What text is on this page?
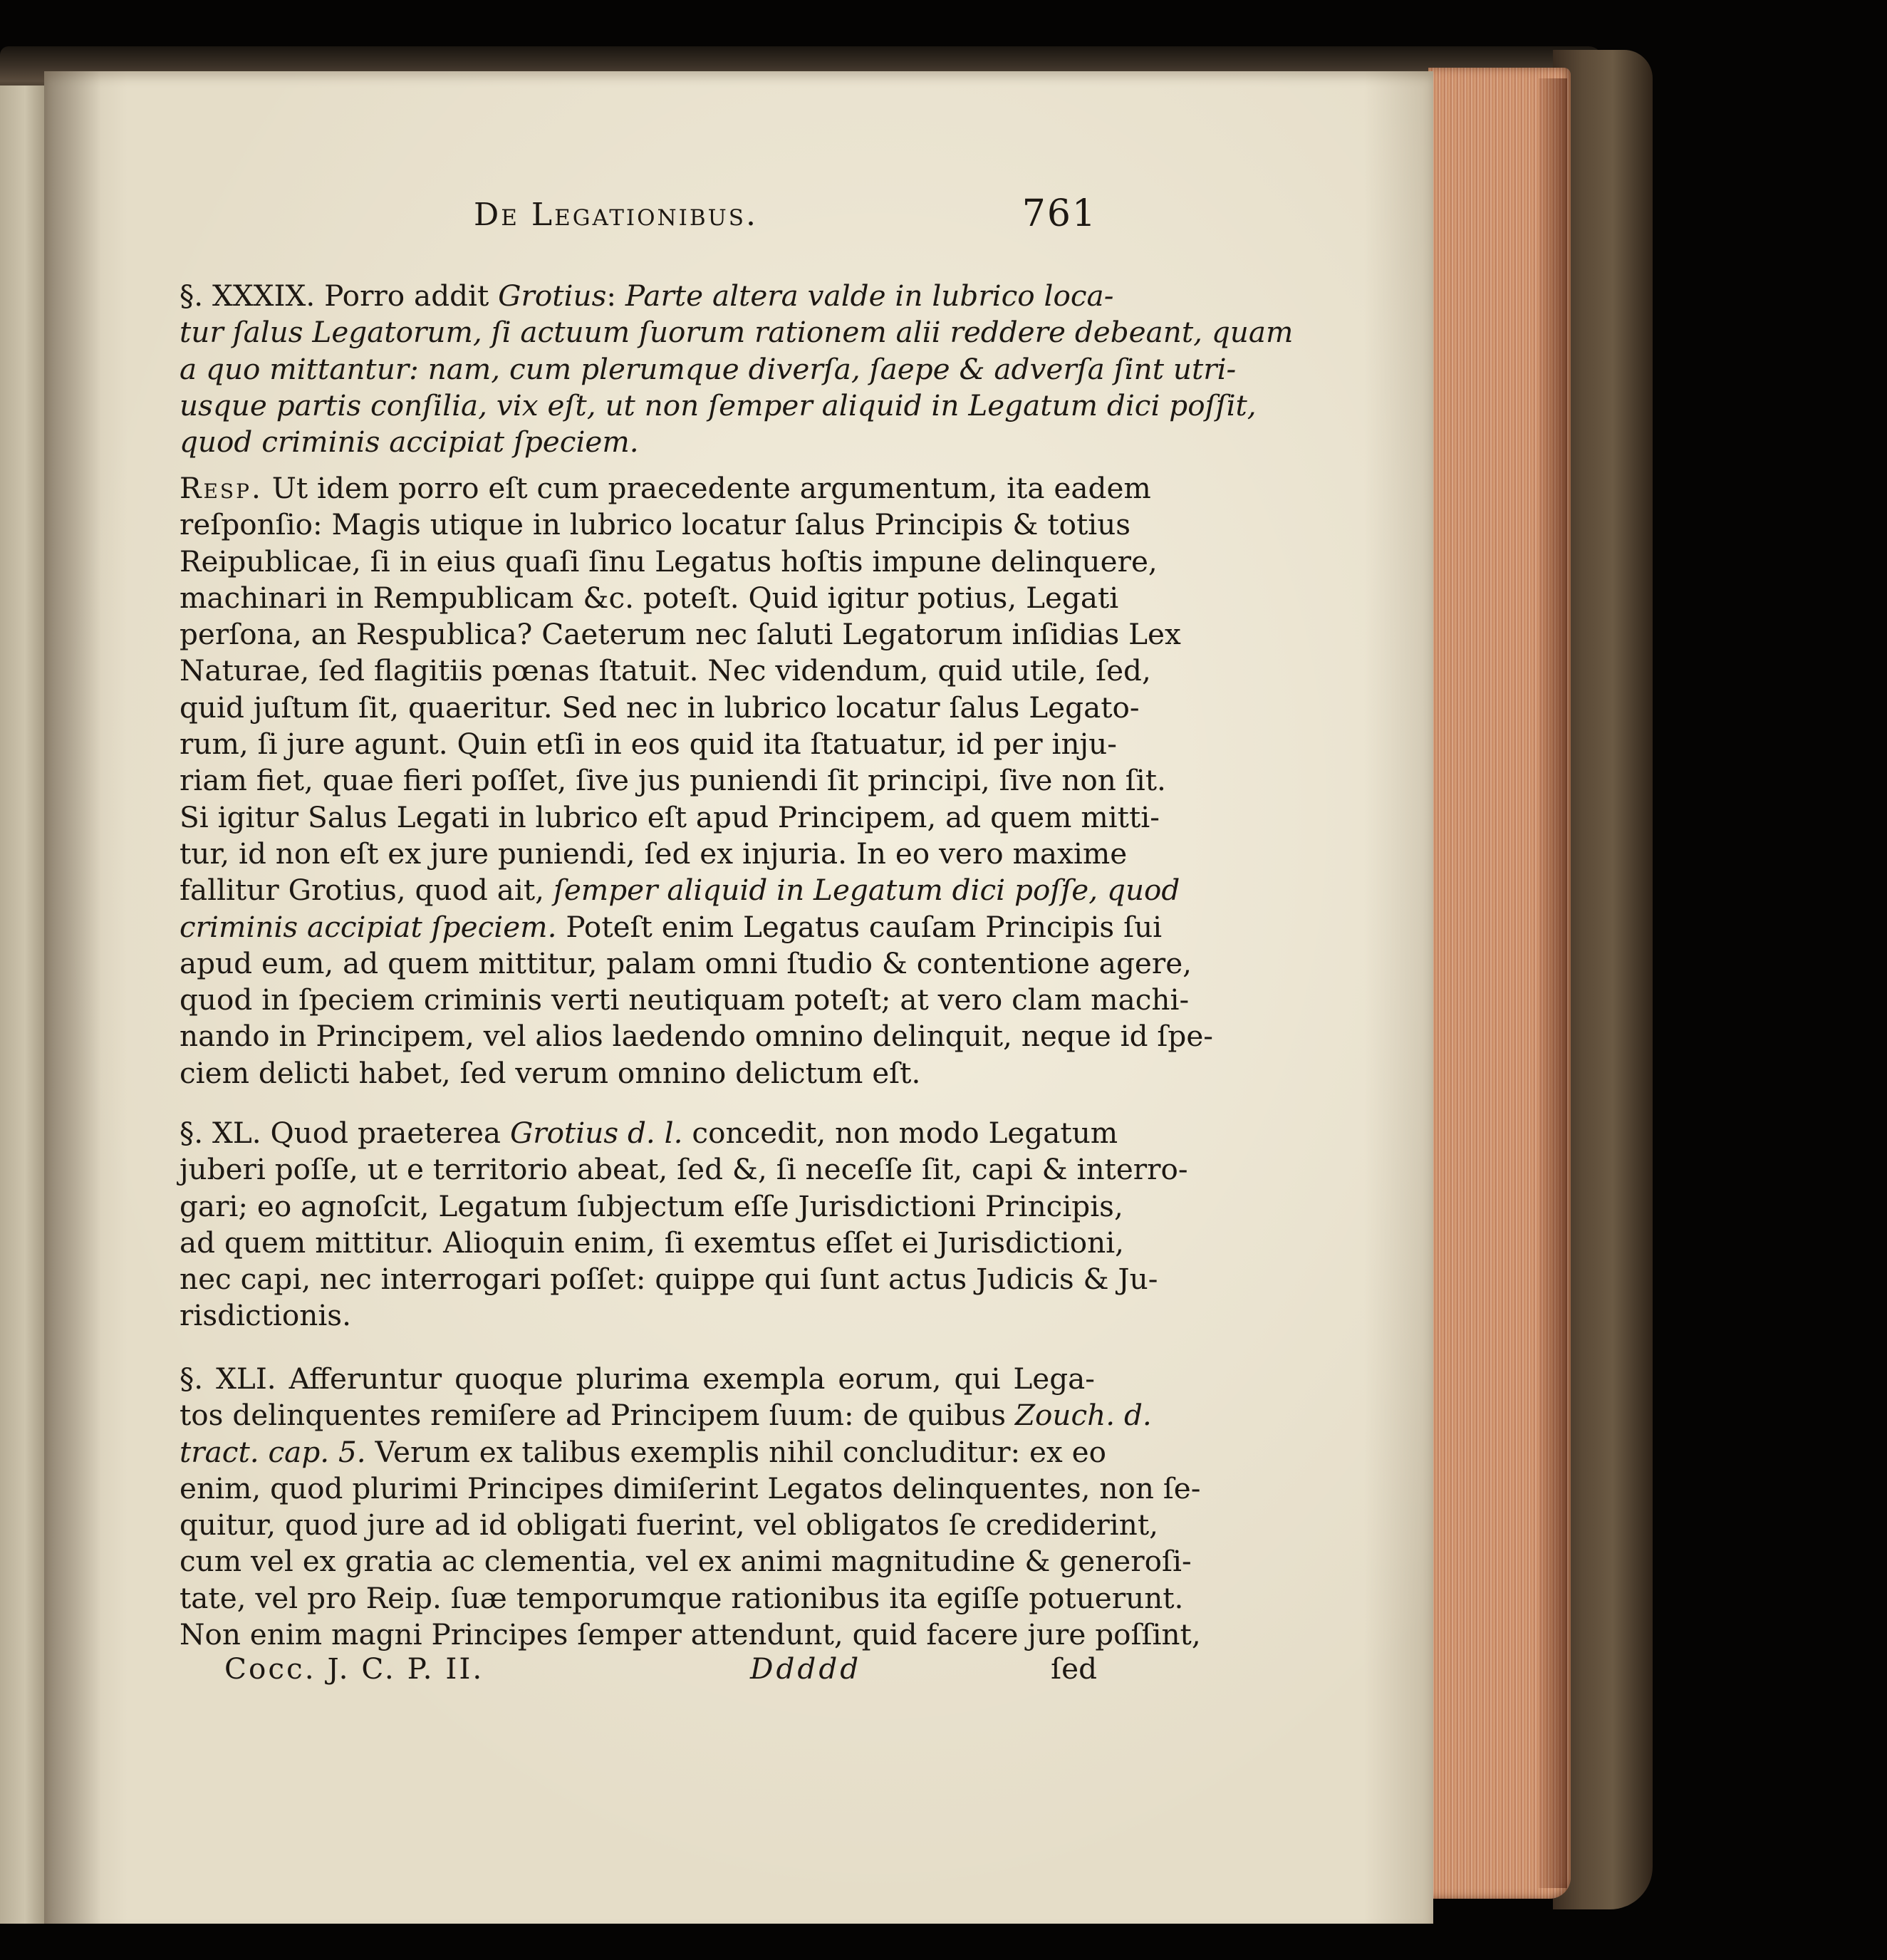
De Legationibus.	761
§. XXXIX. Porro addit Grotius: Parte altera valde in lubrico loca-
tur ſalus Legatorum, ſi actuum ſuorum rationem alii reddere debeant, quam
a quo mittantur: nam, cum plerumque diverſa, ſaepe & adverſa ſint utri-
usque partis conſilia, vix eſt, ut non ſemper aliquid in Legatum dici poſſit,
quod criminis accipiat ſpeciem.
Resp. Ut idem porro eſt cum praecedente argumentum, ita eadem
reſponſio: Magis utique in lubrico locatur ſalus Principis & totius
Reipublicae, ſi in eius quaſi ſinu Legatus hoſtis impune delinquere,
machinari in Rempublicam &c. poteſt. Quid igitur potius, Legati
perſona, an Respublica? Caeterum nec ſaluti Legatorum inſidias Lex
Naturae, ſed flagitiis pœnas ſtatuit. Nec videndum, quid utile, ſed,
quid juſtum ſit, quaeritur. Sed nec in lubrico locatur ſalus Legato-
rum, ſi jure agunt. Quin etſi in eos quid ita ſtatuatur, id per inju-
riam fiet, quae fieri poſſet, ſive jus puniendi ſit principi, ſive non ſit.
Si igitur Salus Legati in lubrico eſt apud Principem, ad quem mitti-
tur, id non eſt ex jure puniendi, ſed ex injuria. In eo vero maxime
fallitur Grotius, quod ait, ſemper aliquid in Legatum dici poſſe, quod
criminis accipiat ſpeciem. Poteſt enim Legatus cauſam Principis ſui
apud eum, ad quem mittitur, palam omni ſtudio & contentione agere,
quod in ſpeciem criminis verti neutiquam poteſt; at vero clam machi-
nando in Principem, vel alios laedendo omnino delinquit, neque id ſpe-
ciem delicti habet, ſed verum omnino delictum eſt.
§. XL. Quod praeterea Grotius d. l. concedit, non modo Legatum
juberi poſſe, ut e territorio abeat, ſed &, ſi neceſſe ſit, capi & interro-
gari; eo agnoſcit, Legatum ſubjectum eſſe Jurisdictioni Principis,
ad quem mittitur. Alioquin enim, ſi exemtus eſſet ei Jurisdictioni,
nec capi, nec interrogari poſſet: quippe qui ſunt actus Judicis & Ju-
risdictionis.
§. XLI. Afferuntur quoque plurima exempla eorum, qui Lega-
tos delinquentes remiſere ad Principem ſuum: de quibus Zouch. d.
tract. cap. 5. Verum ex talibus exemplis nihil concluditur: ex eo
enim, quod plurimi Principes dimiſerint Legatos delinquentes, non ſe-
quitur, quod jure ad id obligati fuerint, vel obligatos ſe crediderint,
cum vel ex gratia ac clementia, vel ex animi magnitudine & generoſi-
tate, vel pro Reip. ſuæ temporumque rationibus ita egiſſe potuerunt.
Non enim magni Principes ſemper attendunt, quid facere jure poſſint,
Cocc. J. C. P. II.	Ddddd	ſed
